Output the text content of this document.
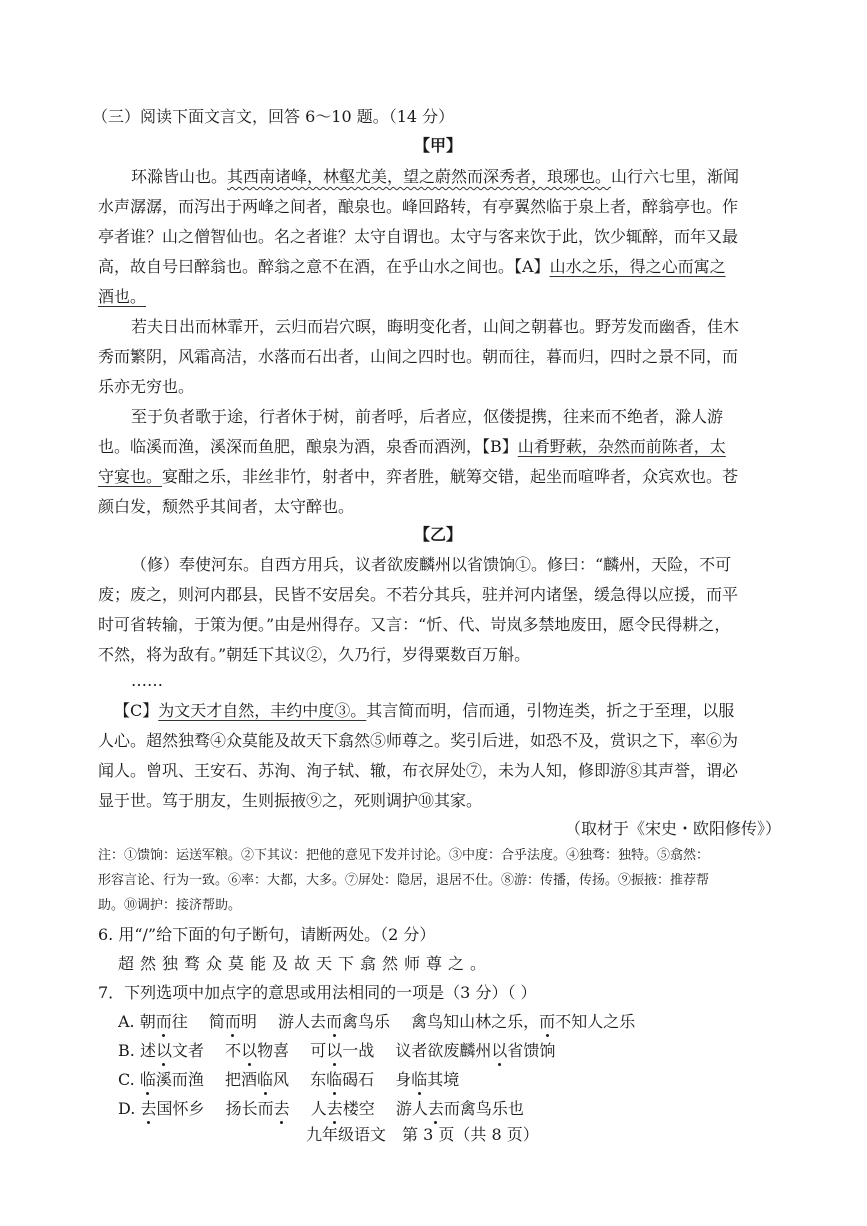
（三）阅读下面文言文，回答 6～10 题。（14 分）
【甲】
环滁皆山也。其西南诸峰，林壑尤美，望之蔚然而深秀者，琅琊也。山行六七里，渐闻
水声潺潺，而泻出于两峰之间者，酿泉也。峰回路转，有亭翼然临于泉上者，醉翁亭也。作
亭者谁？山之僧智仙也。名之者谁？太守自谓也。太守与客来饮于此，饮少辄醉，而年又最
高，故自号曰醉翁也。醉翁之意不在酒，在乎山水之间也。【A】山水之乐，得之心而寓之
酒也。
若夫日出而林霏开，云归而岩穴暝，晦明变化者，山间之朝暮也。野芳发而幽香，佳木
秀而繁阴，风霜高洁，水落而石出者，山间之四时也。朝而往，暮而归，四时之景不同，而
乐亦无穷也。
至于负者歌于途，行者休于树，前者呼，后者应，伛偻提携，往来而不绝者，滁人游
也。临溪而渔，溪深而鱼肥，酿泉为酒，泉香而酒洌，【B】山肴野蔌，杂然而前陈者，太
守宴也。宴酣之乐，非丝非竹，射者中，弈者胜，觥筹交错，起坐而喧哗者，众宾欢也。苍
颜白发，颓然乎其间者，太守醉也。
【乙】
（修）奉使河东。自西方用兵，议者欲废麟州以省馈饷①。修曰：“麟州，天险，不可
废；废之，则河内郡县，民皆不安居矣。不若分其兵，驻并河内诸堡，缓急得以应援，而平
时可省转输，于策为便。”由是州得存。又言：“忻、代、岢岚多禁地废田，愿令民得耕之，
不然，将为敌有。”朝廷下其议②，久乃行，岁得粟数百万斛。
……
【C】为文天才自然，丰约中度③。其言简而明，信而通，引物连类，折之于至理，以服
人心。超然独骛④众莫能及故天下翕然⑤师尊之。奖引后进，如恐不及，赏识之下，率⑥为
闻人。曾巩、王安石、苏洵、洵子轼、辙，布衣屏处⑦，未为人知，修即游⑧其声誉，谓必
显于世。笃于朋友，生则振掖⑨之，死则调护⑩其家。
（取材于《宋史・欧阳修传》）
注：①馈饷：运送军粮。②下其议：把他的意见下发并讨论。③中度：合乎法度。④独骛：独特。⑤翕然：
形容言论、行为一致。⑥率：大都，大多。⑦屏处：隐居，退居不仕。⑧游：传播，传扬。⑨振掖：推荐帮
助。⑩调护：接济帮助。
6. 用“/”给下面的句子断句，请断两处。（2 分）
超然独骛众莫能及故天下翕然师尊之。
7．下列选项中加点字的意思或用法相同的一项是（3 分）（ ）
A. 朝而往 简而明 游人去而禽鸟乐 禽鸟知山林之乐，而不知人之乐
B. 述以文者 不以物喜 可以一战 议者欲废麟州以省馈饷
C. 临溪而渔 把酒临风 东临碣石 身临其境
D. 去国怀乡 扬长而去 人去楼空 游人去而禽鸟乐也
九年级语文　第 3 页（共 8 页）
